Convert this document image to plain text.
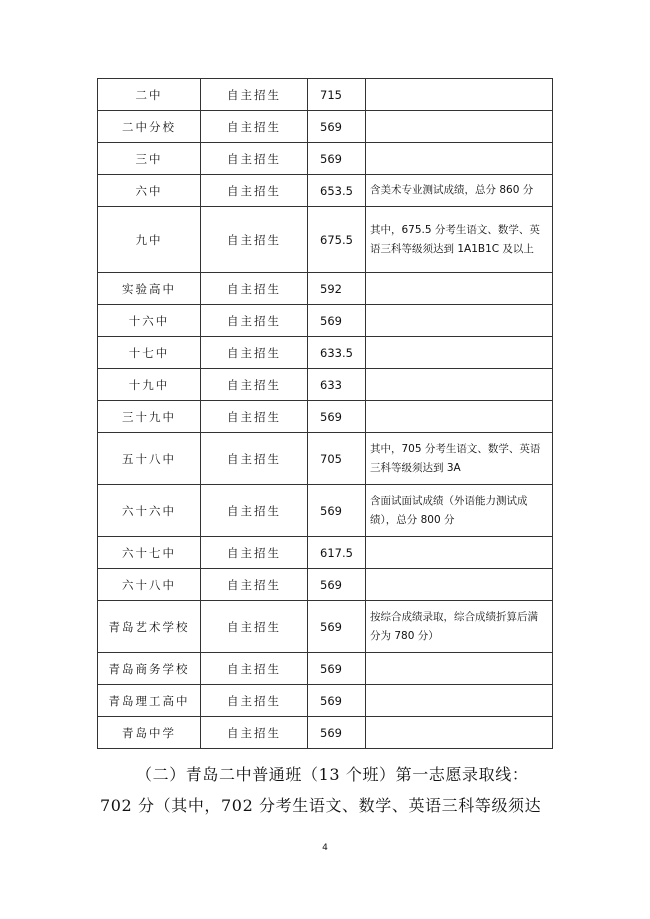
二中	自主招生	715	
二中分校	自主招生	569	
三中	自主招生	569	
六中	自主招生	653.5	含美术专业测试成绩，总分 860 分
九中	自主招生	675.5	其中，675.5 分考生语文、数学、英语三科等级须达到 1A1B1C 及以上
实验高中	自主招生	592	
十六中	自主招生	569	
十七中	自主招生	633.5	
十九中	自主招生	633	
三十九中	自主招生	569	
五十八中	自主招生	705	其中，705 分考生语文、数学、英语三科等级须达到 3A
六十六中	自主招生	569	含面试面试成绩（外语能力测试成绩），总分 800 分
六十七中	自主招生	617.5	
六十八中	自主招生	569	
青岛艺术学校	自主招生	569	按综合成绩录取，综合成绩折算后满分为 780 分）
青岛商务学校	自主招生	569	
青岛理工高中	自主招生	569	
青岛中学	自主招生	569	
（二）青岛二中普通班（13 个班）第一志愿录取线：
702 分（其中，702 分考生语文、数学、英语三科等级须达
4
